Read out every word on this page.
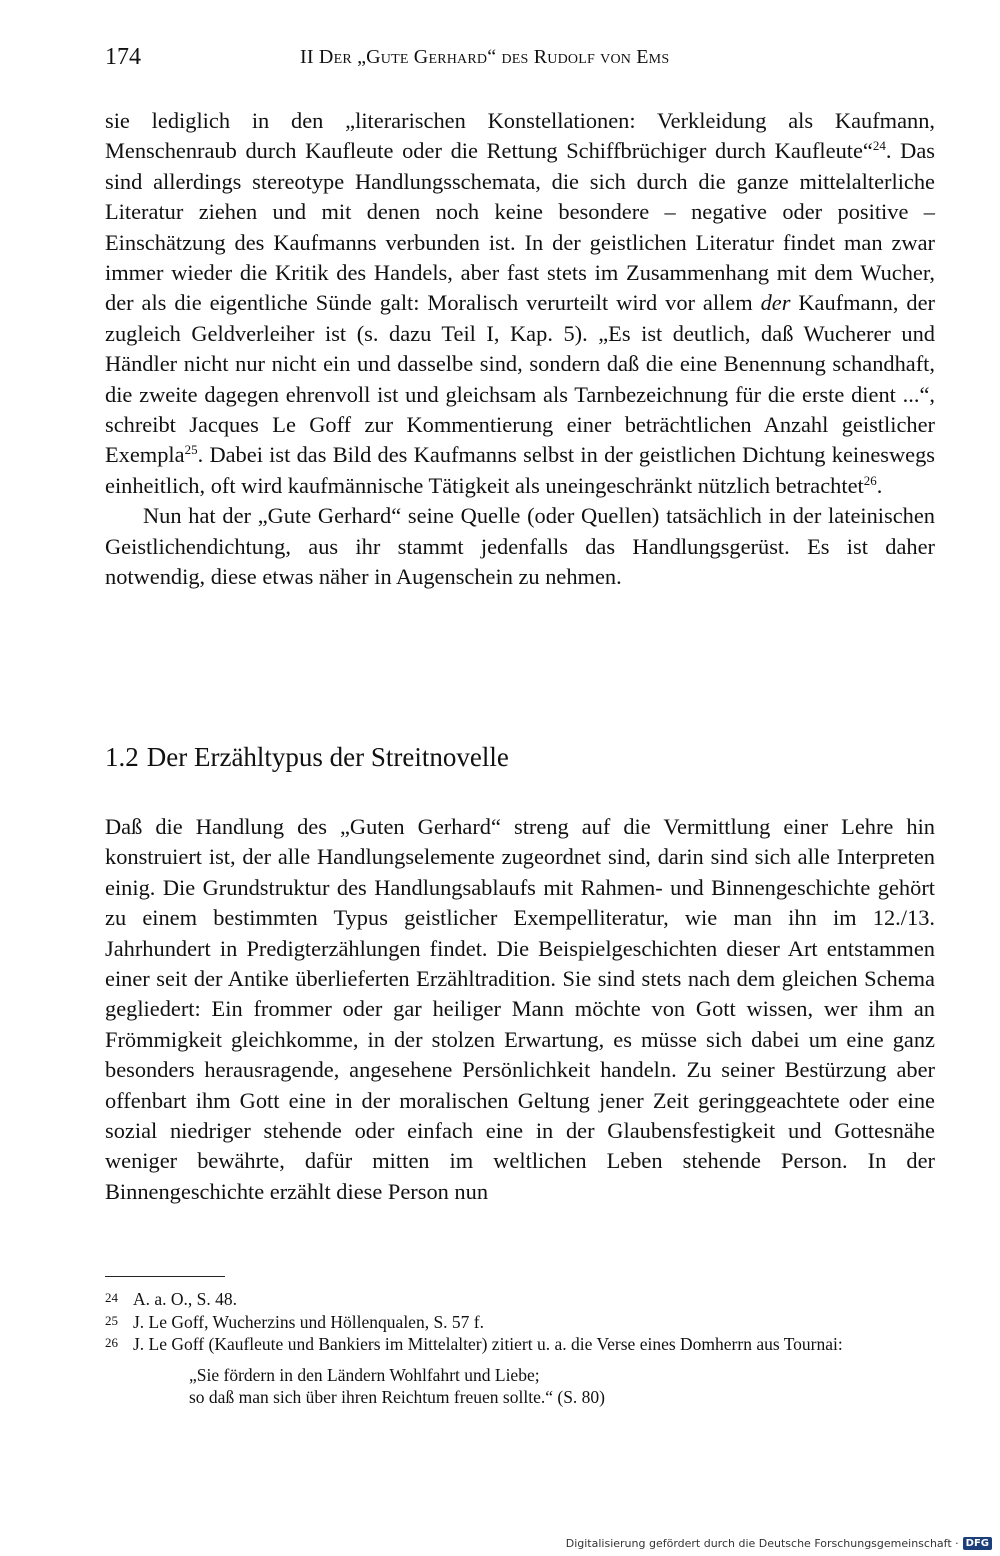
174	II Der „Gute Gerhard“ des Rudolf von Ems

sie lediglich in den „literarischen Konstellationen: Verkleidung als Kaufmann, Menschenraub durch Kaufleute oder die Rettung Schiffbrüchiger durch Kaufleute“$^{24}$. Das sind allerdings stereotype Handlungsschemata, die sich durch die ganze mittelalterliche Literatur ziehen und mit denen noch keine besondere – negative oder positive – Einschätzung des Kaufmanns verbunden ist. In der geistlichen Literatur findet man zwar immer wieder die Kritik des Handels, aber fast stets im Zusammenhang mit dem Wucher, der als die eigentliche Sünde galt: Moralisch verurteilt wird vor allem der Kaufmann, der zugleich Geldverleiher ist (s. dazu Teil I, Kap. 5). „Es ist deutlich, daß Wucherer und Händler nicht nur nicht ein und dasselbe sind, sondern daß die eine Benennung schandhaft, die zweite dagegen ehrenvoll ist und gleichsam als Tarnbezeichnung für die erste dient ...“, schreibt Jacques Le Goff zur Kommentierung einer beträchtlichen Anzahl geistlicher Exempla$^{25}$. Dabei ist das Bild des Kaufmanns selbst in der geistlichen Dichtung keineswegs einheitlich, oft wird kaufmännische Tätigkeit als uneingeschränkt nützlich betrachtet$^{26}$.

Nun hat der „Gute Gerhard“ seine Quelle (oder Quellen) tatsächlich in der lateinischen Geistlichendichtung, aus ihr stammt jedenfalls das Handlungsgerüst. Es ist daher notwendig, diese etwas näher in Augenschein zu nehmen.

1.2 Der Erzähltypus der Streitnovelle

Daß die Handlung des „Guten Gerhard“ streng auf die Vermittlung einer Lehre hin konstruiert ist, der alle Handlungselemente zugeordnet sind, darin sind sich alle Interpreten einig. Die Grundstruktur des Handlungsablaufs mit Rahmen- und Binnengeschichte gehört zu einem bestimmten Typus geistlicher Exempelliteratur, wie man ihn im 12./13. Jahrhundert in Predigterzählungen findet. Die Beispielgeschichten dieser Art entstammen einer seit der Antike überlieferten Erzähltradition. Sie sind stets nach dem gleichen Schema gegliedert: Ein frommer oder gar heiliger Mann möchte von Gott wissen, wer ihm an Frömmigkeit gleichkomme, in der stolzen Erwartung, es müsse sich dabei um eine ganz besonders herausragende, angesehene Persönlichkeit handeln. Zu seiner Bestürzung aber offenbart ihm Gott eine in der moralischen Geltung jener Zeit geringgeachtete oder eine sozial niedriger stehende oder einfach eine in der Glaubensfestigkeit und Gottesnähe weniger bewährte, dafür mitten im weltlichen Leben stehende Person. In der Binnengeschichte erzählt diese Person nun

24 A. a. O., S. 48.
25 J. Le Goff, Wucherzins und Höllenqualen, S. 57 f.
26 J. Le Goff (Kaufleute und Bankiers im Mittelalter) zitiert u. a. die Verse eines Domherrn aus Tournai:
„Sie fördern in den Ländern Wohlfahrt und Liebe;
so daß man sich über ihren Reichtum freuen sollte.“ (S. 80)
Digitalisierung gefördert durch die Deutsche Forschungsgemeinschaft · DFG
